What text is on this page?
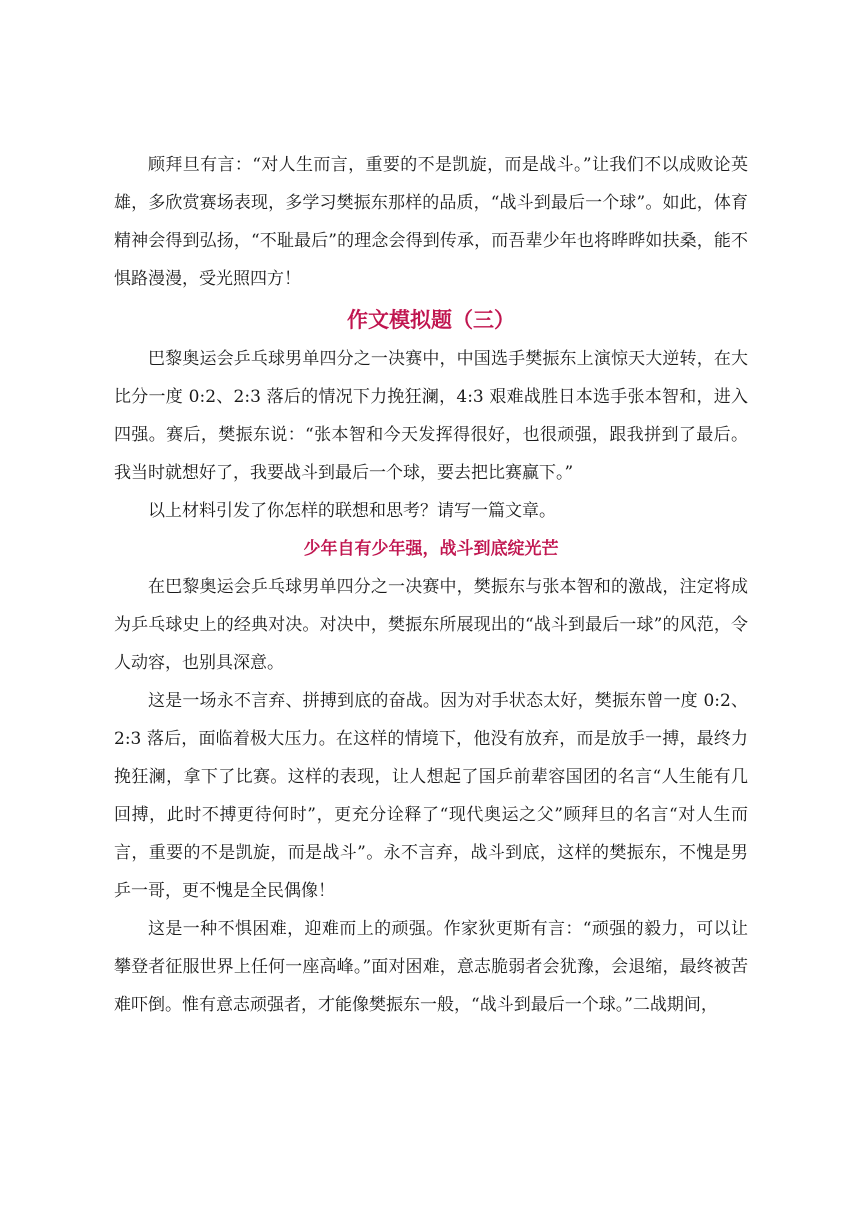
顾拜旦有言：“对人生而言，重要的不是凯旋，而是战斗。”让我们不以成败论英雄，多欣赏赛场表现，多学习樊振东那样的品质，“战斗到最后一个球”。如此，体育精神会得到弘扬，“不耻最后”的理念会得到传承，而吾辈少年也将晔晔如扶桑，能不惧路漫漫，受光照四方！

作文模拟题（三）

巴黎奥运会乒乓球男单四分之一决赛中，中国选手樊振东上演惊天大逆转，在大比分一度 0:2、2:3 落后的情况下力挽狂澜，4:3 艰难战胜日本选手张本智和，进入四强。赛后，樊振东说：“张本智和今天发挥得很好，也很顽强，跟我拼到了最后。我当时就想好了，我要战斗到最后一个球，要去把比赛赢下。”

以上材料引发了你怎样的联想和思考？请写一篇文章。

少年自有少年强，战斗到底绽光芒

在巴黎奥运会乒乓球男单四分之一决赛中，樊振东与张本智和的激战，注定将成为乒乓球史上的经典对决。对决中，樊振东所展现出的“战斗到最后一球”的风范，令人动容，也别具深意。

这是一场永不言弃、拼搏到底的奋战。因为对手状态太好，樊振东曾一度 0:2、2:3 落后，面临着极大压力。在这样的情境下，他没有放弃，而是放手一搏，最终力挽狂澜，拿下了比赛。这样的表现，让人想起了国乒前辈容国团的名言“人生能有几回搏，此时不搏更待何时”，更充分诠释了“现代奥运之父”顾拜旦的名言“对人生而言，重要的不是凯旋，而是战斗”。永不言弃，战斗到底，这样的樊振东，不愧是男乒一哥，更不愧是全民偶像！

这是一种不惧困难，迎难而上的顽强。作家狄更斯有言：“顽强的毅力，可以让攀登者征服世界上任何一座高峰。”面对困难，意志脆弱者会犹豫，会退缩，最终被苦难吓倒。惟有意志顽强者，才能像樊振东一般，“战斗到最后一个球。”二战期间，
